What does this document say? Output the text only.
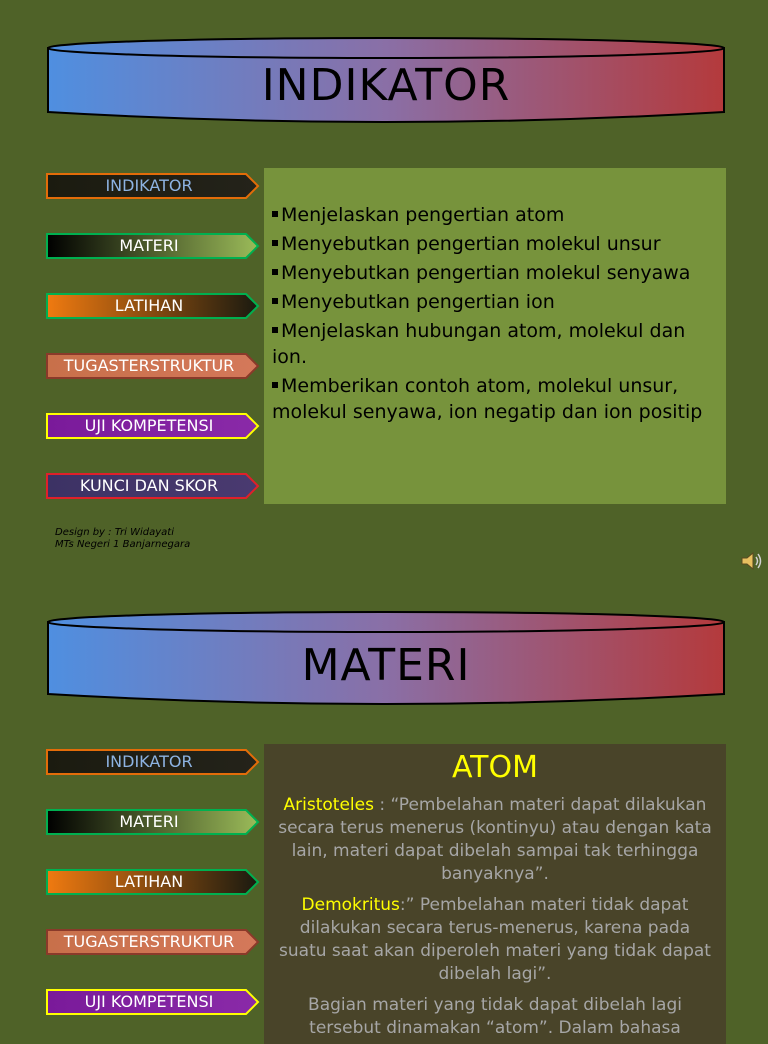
INDIKATOR
INDIKATOR
MATERI
LATIHAN
TUGAS TERSTRUKTUR
UJI KOMPETENSI
KUNCI DAN SKOR
Menjelaskan pengertian atom
Menyebutkan pengertian molekul unsur
Menyebutkan pengertian molekul senyawa
Menyebutkan pengertian ion
Menjelaskan hubungan atom, molekul dan ion.
Memberikan contoh atom, molekul unsur, molekul senyawa, ion negatip dan ion positip
Design by : Tri Widayati
MTs Negeri 1 Banjarnegara
MATERI
INDIKATOR
MATERI
LATIHAN
TUGAS TERSTRUKTUR
UJI KOMPETENSI
ATOM
Aristoteles : “Pembelahan materi dapat dilakukan secara terus menerus (kontinyu) atau dengan kata lain, materi dapat dibelah sampai tak terhingga banyaknya”.
Demokritus:” Pembelahan materi tidak dapat dilakukan secara terus-menerus, karena pada suatu saat akan diperoleh materi yang tidak dapat dibelah lagi”.
Bagian materi yang tidak dapat dibelah lagi tersebut dinamakan “atom”. Dalam bahasa
